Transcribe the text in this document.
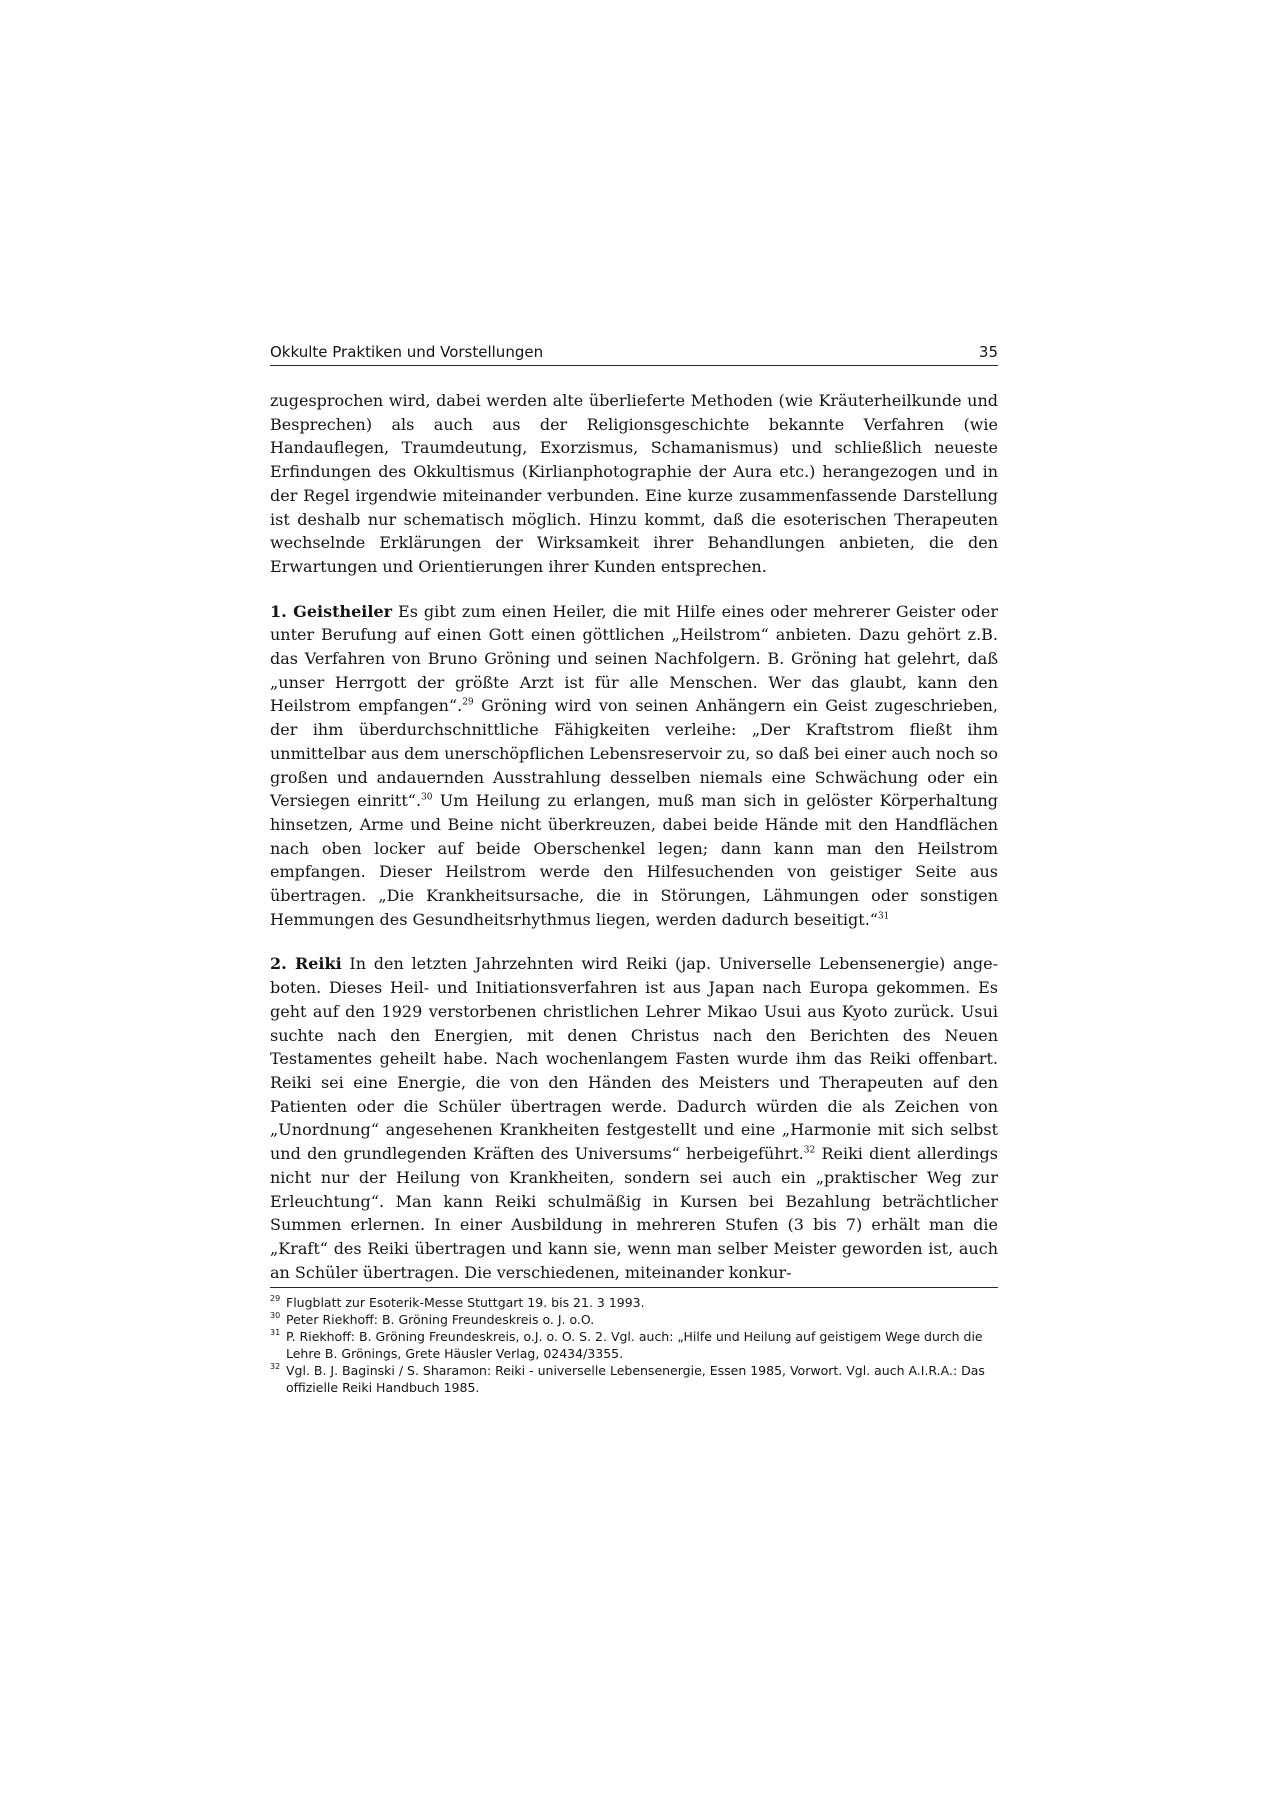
Okkulte Praktiken und Vorstellungen	35

zugesprochen wird, dabei werden alte überlieferte Methoden (wie Kräuterheilkunde und Besprechen) als auch aus der Religionsgeschichte bekannte Verfahren (wie Handauflegen, Traumdeutung, Exorzismus, Schamanismus) und schließlich neueste Erfindungen des Okkultismus (Kirlianphotographie der Aura etc.) herangezogen und in der Regel irgendwie miteinander verbunden. Eine kurze zusammenfassende Darstellung ist deshalb nur schematisch möglich. Hinzu kommt, daß die esoterischen Therapeuten wechselnde Erklärungen der Wirksamkeit ihrer Behandlungen anbieten, die den Erwartungen und Orientierungen ihrer Kunden entsprechen.

1. Geistheiler Es gibt zum einen Heiler, die mit Hilfe eines oder mehrerer Geister oder unter Berufung auf einen Gott einen göttlichen „Heilstrom“ anbieten. Dazu gehört z.B. das Verfahren von Bruno Gröning und seinen Nachfolgern. B. Gröning hat gelehrt, daß „unser Herrgott der größte Arzt ist für alle Menschen. Wer das glaubt, kann den Heilstrom empfangen“.$^{29}$ Gröning wird von seinen Anhängern ein Geist zugeschrieben, der ihm überdurchschnittliche Fähigkeiten verleihe: „Der Kraftstrom fließt ihm unmittelbar aus dem unerschöpflichen Lebensreservoir zu, so daß bei einer auch noch so großen und andauernden Ausstrahlung desselben niemals eine Schwächung oder ein Versiegen einritt“.$^{30}$ Um Heilung zu erlangen, muß man sich in gelöster Körperhaltung hinsetzen, Arme und Beine nicht überkreuzen, dabei beide Hände mit den Handflächen nach oben locker auf beide Oberschenkel legen; dann kann man den Heilstrom empfangen. Dieser Heilstrom werde den Hilfesuchenden von geistiger Seite aus übertragen. „Die Krankheitsursache, die in Störungen, Lähmungen oder sonstigen Hemmungen des Gesundheitsrhythmus liegen, werden dadurch beseitigt.“$^{31}$

2. Reiki In den letzten Jahrzehnten wird Reiki (jap. Universelle Lebensenergie) angeboten. Dieses Heil- und Initiationsverfahren ist aus Japan nach Europa gekommen. Es geht auf den 1929 verstorbenen christlichen Lehrer Mikao Usui aus Kyoto zurück. Usui suchte nach den Energien, mit denen Christus nach den Berichten des Neuen Testamentes geheilt habe. Nach wochenlangem Fasten wurde ihm das Reiki offenbart. Reiki sei eine Energie, die von den Händen des Meisters und Therapeuten auf den Patienten oder die Schüler übertragen werde. Dadurch würden die als Zeichen von „Unordnung“ angesehenen Krankheiten festgestellt und eine „Harmonie mit sich selbst und den grundlegenden Kräften des Universums“ herbeigeführt.$^{32}$ Reiki dient allerdings nicht nur der Heilung von Krankheiten, sondern sei auch ein „praktischer Weg zur Erleuchtung“. Man kann Reiki schulmäßig in Kursen bei Bezahlung beträchtlicher Summen erlernen. In einer Ausbildung in mehreren Stufen (3 bis 7) erhält man die „Kraft“ des Reiki übertragen und kann sie, wenn man selber Meister geworden ist, auch an Schüler übertragen. Die verschiedenen, miteinander konkur-

29 Flugblatt zur Esoterik-Messe Stuttgart 19. bis 21. 3 1993.
30 Peter Riekhoff: B. Gröning Freundeskreis o. J. o.O.
31 P. Riekhoff: B. Gröning Freundeskreis, o.J. o. O. S. 2. Vgl. auch: „Hilfe und Heilung auf geistigem Wege durch die Lehre B. Grönings, Grete Häusler Verlag, 02434/3355.
32 Vgl. B. J. Baginski / S. Sharamon: Reiki - universelle Lebensenergie, Essen 1985, Vorwort. Vgl. auch A.I.R.A.: Das offizielle Reiki Handbuch 1985.
